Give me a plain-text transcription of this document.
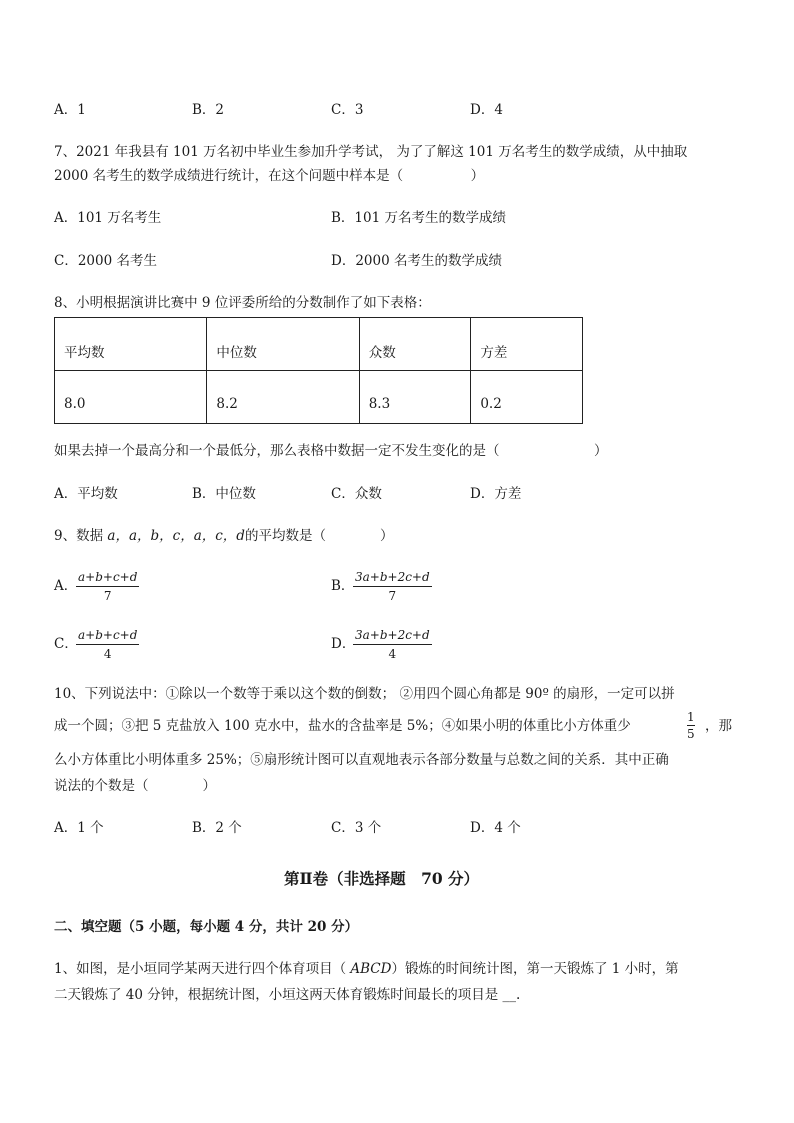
A．1	B．2	C．3	D．4
7、2021 年我县有 101 万名初中毕业生参加升学考试， 为了了解这 101 万名考生的数学成绩，从中抽取
2000 名考生的数学成绩进行统计，在这个问题中样本是（　　　　　）
A．101 万名考生	B．101 万名考生的数学成绩
C．2000 名考生	D．2000 名考生的数学成绩
8、小明根据演讲比赛中 9 位评委所给的分数制作了如下表格：
平均数	中位数	众数	方差
8.0	8.2	8.3	0.2
如果去掉一个最高分和一个最低分，那么表格中数据一定不发生变化的是（　　　　　　　）
A．平均数	B．中位数	C．众数	D．方差
9、数据 a，a，b，c，a，c，d的平均数是（　　　　）
A．
a+b+c+d
7
B．
3a+b+2c+d
7
C．
a+b+c+d
4
D．
3a+b+2c+d
4
10、下列说法中：①除以一个数等于乘以这个数的倒数； ②用四个圆心角都是 90º 的扇形，一定可以拼
成一个圆；③把 5 克盐放入 100 克水中，盐水的含盐率是 5%；④如果小明的体重比小方体重少
1
5 ，那
么小方体重比小明体重多 25%；⑤扇形统计图可以直观地表示各部分数量与总数之间的关系．其中正确
说法的个数是（　　　　）
A．1 个	B．2 个	C．3 个	D．4 个
第Ⅱ卷（非选择题　70 分）
二、填空题（5 小题，每小题 4 分，共计 20 分）
1、如图，是小垣同学某两天进行四个体育项目（ ABCD）锻炼的时间统计图，第一天锻炼了 1 小时，第
二天锻炼了 40 分钟，根据统计图，小垣这两天体育锻炼时间最长的项目是 __.
